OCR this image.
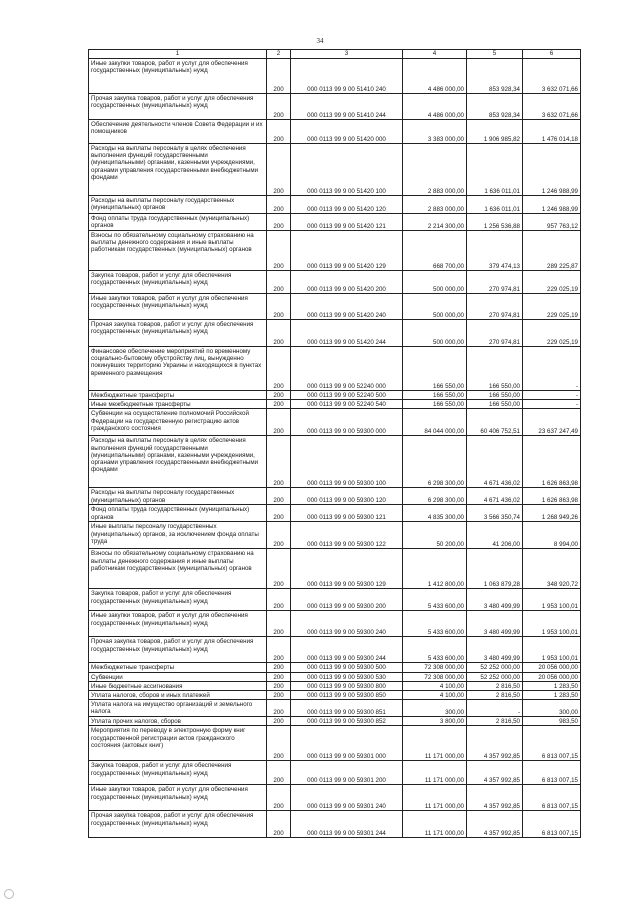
34
1	2	3	4	5	6
Иные закупки товаров, работ и услуг для обеспечения государственных (муниципальных) нужд	200	000 0113 99 9 00 51410 240	4 486 000,00	853 928,34	3 632 071,66
Прочая закупка товаров, работ и услуг для обеспечения государственных (муниципальных) нужд	200	000 0113 99 9 00 51410 244	4 486 000,00	853 928,34	3 632 071,66
Обеспечение деятельности членов Совета Федерации и их помощников	200	000 0113 99 9 00 51420 000	3 383 000,00	1 906 985,82	1 476 014,18
Расходы на выплаты персоналу в целях обеспечения выполнения функций государственными (муниципальными) органами, казенными учреждениями, органами управления государственными внебюджетными фондами	200	000 0113 99 9 00 51420 100	2 883 000,00	1 636 011,01	1 246 988,99
Расходы на выплаты персоналу государственных (муниципальных) органов	200	000 0113 99 9 00 51420 120	2 883 000,00	1 636 011,01	1 246 988,99
Фонд оплаты труда государственных (муниципальных) органов	200	000 0113 99 9 00 51420 121	2 214 300,00	1 256 536,88	957 763,12
Взносы по обязательному социальному страхованию на выплаты денежного содержания и иные выплаты работникам государственных (муниципальных) органов	200	000 0113 99 9 00 51420 129	668 700,00	379 474,13	289 225,87
Закупка товаров, работ и услуг для обеспечения государственных (муниципальных) нужд	200	000 0113 99 9 00 51420 200	500 000,00	270 974,81	229 025,19
Иные закупки товаров, работ и услуг для обеспечения государственных (муниципальных) нужд	200	000 0113 99 9 00 51420 240	500 000,00	270 974,81	229 025,19
Прочая закупка товаров, работ и услуг для обеспечения государственных (муниципальных) нужд	200	000 0113 99 9 00 51420 244	500 000,00	270 974,81	229 025,19
Финансовое обеспечение мероприятий по временному социально-бытовому обустройству лиц, вынужденно покинувших территорию Украины и находящихся в пунктах временного размещения	200	000 0113 99 9 00 52240 000	166 550,00	166 550,00	-
Межбюджетные трансферты	200	000 0113 99 9 00 52240 500	166 550,00	166 550,00	-
Иные межбюджетные трансферты	200	000 0113 99 9 00 52240 540	166 550,00	166 550,00	-
Субвенции на осуществление полномочий Российской Федерации на государственную регистрацию актов гражданского состояния	200	000 0113 99 9 00 59300 000	84 044 000,00	60 406 752,51	23 637 247,49
Расходы на выплаты персоналу в целях обеспечения выполнения функций государственными (муниципальными) органами, казенными учреждениями, органами управления государственными внебюджетными фондами	200	000 0113 99 9 00 59300 100	6 298 300,00	4 671 436,02	1 626 863,98
Расходы на выплаты персоналу государственных (муниципальных) органов	200	000 0113 99 9 00 59300 120	6 298 300,00	4 671 436,02	1 626 863,98
Фонд оплаты труда государственных (муниципальных) органов	200	000 0113 99 9 00 59300 121	4 835 300,00	3 566 350,74	1 268 949,26
Иные выплаты персоналу государственных (муниципальных) органов, за исключением фонда оплаты труда	200	000 0113 99 9 00 59300 122	50 200,00	41 206,00	8 994,00
Взносы по обязательному социальному страхованию на выплаты денежного содержания и иные выплаты работникам государственных (муниципальных) органов	200	000 0113 99 9 00 59300 129	1 412 800,00	1 063 879,28	348 920,72
Закупка товаров, работ и услуг для обеспечения государственных (муниципальных) нужд	200	000 0113 99 9 00 59300 200	5 433 600,00	3 480 499,99	1 953 100,01
Иные закупки товаров, работ и услуг для обеспечения государственных (муниципальных) нужд	200	000 0113 99 9 00 59300 240	5 433 600,00	3 480 499,99	1 953 100,01
Прочая закупка товаров, работ и услуг для обеспечения государственных (муниципальных) нужд	200	000 0113 99 9 00 59300 244	5 433 600,00	3 480 499,99	1 953 100,01
Межбюджетные трансферты	200	000 0113 99 9 00 59300 500	72 308 000,00	52 252 000,00	20 056 000,00
Субвенции	200	000 0113 99 9 00 59300 530	72 308 000,00	52 252 000,00	20 056 000,00
Иные бюджетные ассигнования	200	000 0113 99 9 00 59300 800	4 100,00	2 816,50	1 283,50
Уплата налогов, сборов и иных платежей	200	000 0113 99 9 00 59300 850	4 100,00	2 816,50	1 283,50
Уплата налога на имущество организаций и земельного налога	200	000 0113 99 9 00 59300 851	300,00	-	300,00
Уплата прочих налогов, сборов	200	000 0113 99 9 00 59300 852	3 800,00	2 816,50	983,50
Мероприятия по переводу в электронную форму книг государственной регистрации актов гражданского состояния (актовых книг)	200	000 0113 99 9 00 59301 000	11 171 000,00	4 357 992,85	6 813 007,15
Закупка товаров, работ и услуг для обеспечения государственных (муниципальных) нужд	200	000 0113 99 9 00 59301 200	11 171 000,00	4 357 992,85	6 813 007,15
Иные закупки товаров, работ и услуг для обеспечения государственных (муниципальных) нужд	200	000 0113 99 9 00 59301 240	11 171 000,00	4 357 992,85	6 813 007,15
Прочая закупка товаров, работ и услуг для обеспечения государственных (муниципальных) нужд	200	000 0113 99 9 00 59301 244	11 171 000,00	4 357 992,85	6 813 007,15
